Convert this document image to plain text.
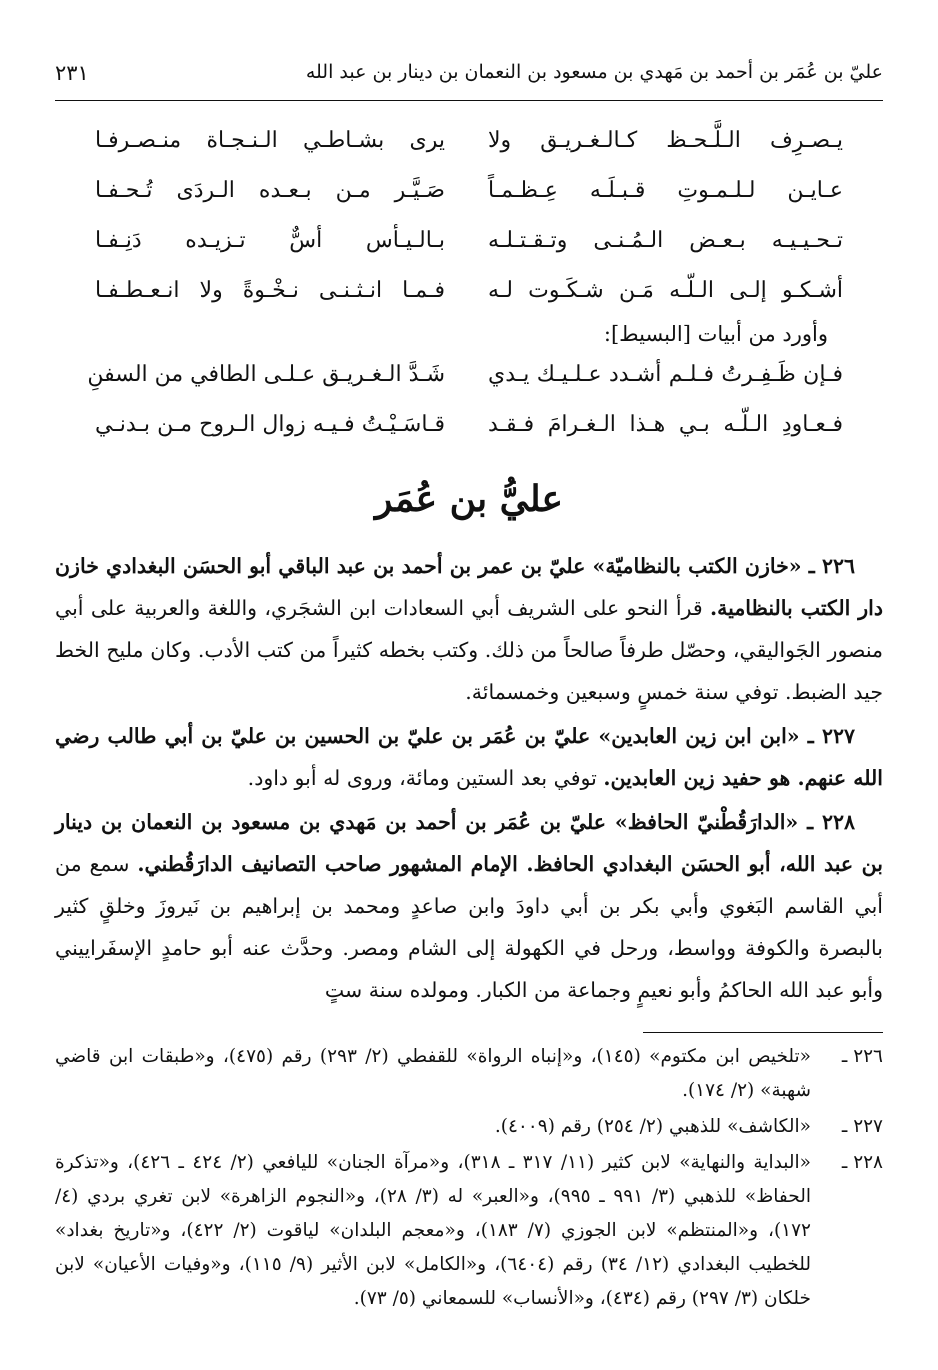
عليّ بن عُمَر بن أحمد بن مَهدي بن مسعود بن النعمان بن دينار بن عبد الله
٢٣١
يـصـرِف الـلَّـحـظ كـالـغـريـق ولا
يرى بشـاطـي الـنـجـاة منـصـرفـا
عـايـن لـلـمـوتِ قـبـلَـه عِـظـمـاً
صَـيَّـر مـن بـعـده الـردَى تُـحـفـا
تـحـيـيـه بـعـض الـمُـنـى وتـقـتـلـه
بـالـيـأس أسٌّ تـزيـده دَنِـفـا
أشـكـو إلـى الـلّـه مَـن شـكَـوت لـه
فـمـا انـثـنـى نـخْـوةً ولا انـعـطـفـا
وأورد من أبيات [البسيط]:
فـإن ظَـفِـرتُ فـلـم أشـدد عـلـيـك يـدي
شَـدَّ الـغـريـق عـلـى الطافي من السفنِ
فـعـاودِ الـلّـه بـي هـذا الـغـرامَ فـقـد
قـاسَـيْـتُ فـيـه زوال الـروح مـن بـدنـي
عليُّ بن عُمَر

٢٢٦ ـ «خازن الكتب بالنظاميّة» عليّ بن عمر بن أحمد بن عبد الباقي أبو الحسَن البغدادي خازن دار الكتب بالنظامية. قرأ النحو على الشريف أبي السعادات ابن الشجَري، واللغة والعربية على أبي منصور الجَواليقي، وحصّل طرفاً صالحاً من ذلك. وكتب بخطه كثيراً من كتب الأدب. وكان مليح الخط جيد الضبط. توفي سنة خمسٍ وسبعين وخمسمائة.

٢٢٧ ـ «ابن ابن زين العابدين» عليّ بن عُمَر بن عليّ بن الحسين بن عليّ بن أبي طالب رضي الله عنهم. هو حفيد زين العابدين. توفي بعد الستين ومائة، وروى له أبو داود.

٢٢٨ ـ «الدارَقُطْنيّ الحافظ» عليّ بن عُمَر بن أحمد بن مَهدي بن مسعود بن النعمان بن دينار بن عبد الله، أبو الحسَن البغدادي الحافظ. الإمام المشهور صاحب التصانيف الدارَقُطني. سمع من أبي القاسم البَغوي وأبي بكر بن أبي داودَ وابن صاعدٍ ومحمد بن إبراهيم بن نَيروزَ وخلقٍ كثير بالبصرة والكوفة وواسط، ورحل في الكهولة إلى الشام ومصر. وحدَّث عنه أبو حامدٍ الإسفَراييني وأبو عبد الله الحاكمُ وأبو نعيمٍ وجماعة من الكبار. ومولده سنة ستٍ

٢٢٦ ـ
«تلخيص ابن مكتوم» (١٤٥)، و«إنباه الرواة» للقفطي (٢/ ٢٩٣) رقم (٤٧٥)، و«طبقات ابن قاضي شهبة» (٢/ ١٧٤).
٢٢٧ ـ
«الكاشف» للذهبي (٢/ ٢٥٤) رقم (٤٠٠٩).
٢٢٨ ـ
«البداية والنهاية» لابن كثير (١١/ ٣١٧ ـ ٣١٨)، و«مرآة الجنان» لليافعي (٢/ ٤٢٤ ـ ٤٢٦)، و«تذكرة الحفاظ» للذهبي (٣/ ٩٩١ ـ ٩٩٥)، و«العبر» له (٣/ ٢٨)، و«النجوم الزاهرة» لابن تغري بردي (٤/ ١٧٢)، و«المنتظم» لابن الجوزي (٧/ ١٨٣)، و«معجم البلدان» لياقوت (٢/ ٤٢٢)، و«تاريخ بغداد» للخطيب البغدادي (١٢/ ٣٤) رقم (٦٤٠٤)، و«الكامل» لابن الأثير (٩/ ١١٥)، و«وفيات الأعيان» لابن خلكان (٣/ ٢٩٧) رقم (٤٣٤)، و«الأنساب» للسمعاني (٥/ ٧٣).
